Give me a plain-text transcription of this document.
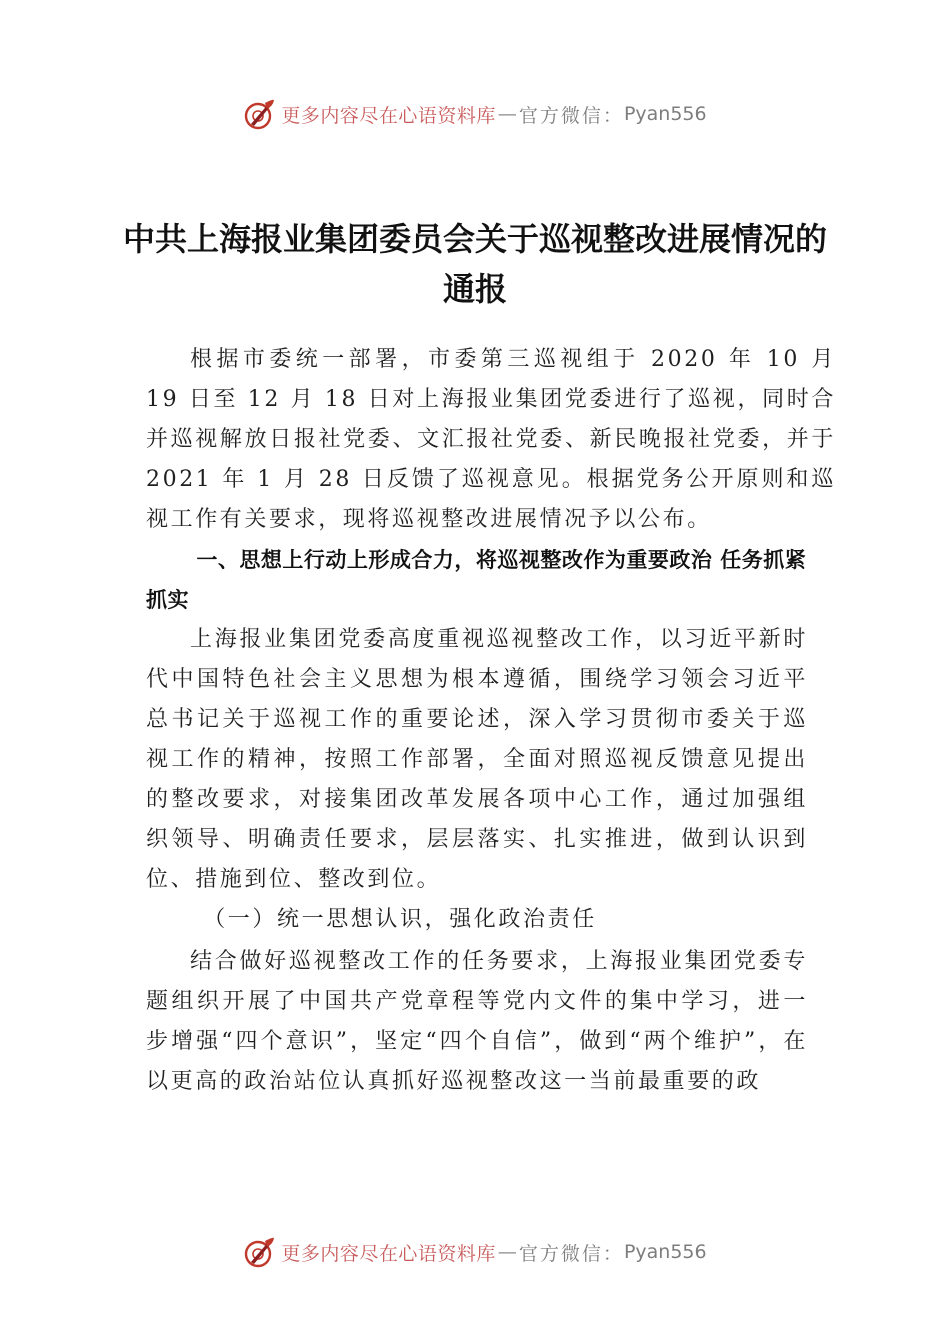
更多内容尽在心语资料库 — 官方微信： Pyan556
中共上海报业集团委员会关于巡视整改进展情况的通报

根据市委统一部署，市委第三巡视组于 2020 年 10 月 19 日至 12 月 18 日对上海报业集团党委进行了巡视，同时合并巡视解放日报社党委、文汇报社党委、新民晚报社党委，并于 2021 年 1 月 28 日反馈了巡视意见。根据党务公开原则和巡视工作有关要求，现将巡视整改进展情况予以公布。

一、思想上行动上形成合力，将巡视整改作为重要政治 任务抓紧抓实

上海报业集团党委高度重视巡视整改工作，以习近平新时代中国特色社会主义思想为根本遵循，围绕学习领会习近平总书记关于巡视工作的重要论述，深入学习贯彻市委关于巡视工作的精神，按照工作部署，全面对照巡视反馈意见提出的整改要求，对接集团改革发展各项中心工作，通过加强组织领导、明确责任要求，层层落实、扎实推进，做到认识到位、措施到位、整改到位。

（一）统一思想认识，强化政治责任

结合做好巡视整改工作的任务要求，上海报业集团党委专题组织开展了中国共产党章程等党内文件的集中学习，进一步增强“四个意识”，坚定“四个自信”，做到“两个维护”，在以更高的政治站位认真抓好巡视整改这一当前最重要的政

更多内容尽在心语资料库 — 官方微信： Pyan556
